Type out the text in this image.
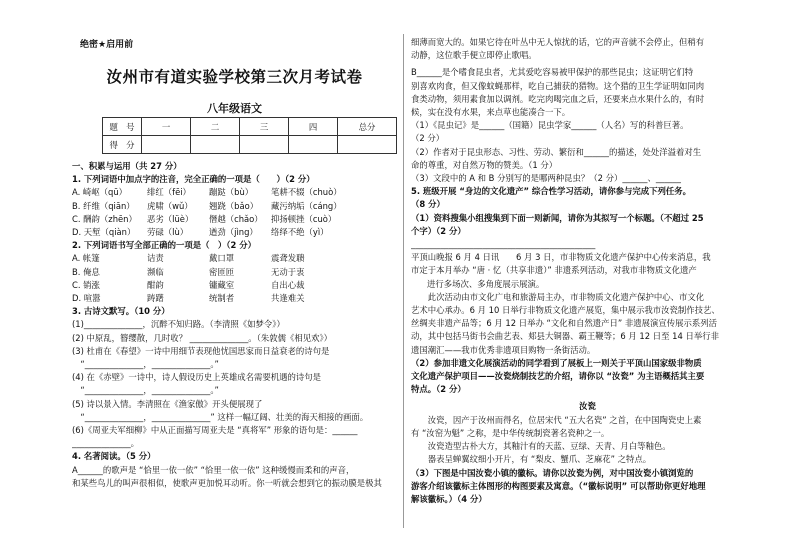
绝密★启用前
汝州市有道实验学校第三次月考试卷
八年级语文
题　号	一	二	三	四	总分
得　分					
一、积累与运用（共 27 分）
1. 下列词语中加点字的注音，完全正确的一项是（　　）（2 分）
A. 崎岖（qū） 绯红（fēi） 蹦跶（bù） 笔耕不辍（chuò）
B. 纤维（qiān） 虎啸（wǔ） 翘跷（bǎo） 藏污纳垢（cáng）
C. 酬韵（zhēn） 恶劣（lüè） 僭越（chǎo） 抑扬顿挫（cuò）
D. 天堑（qiàn） 劳碌（lù） 遒劲（jìng） 络绎不绝（yì）
2. 下列词语书写全部正确的一项是（　）（2 分）
A. 帐篷	诘责	戴口罩	震聋发聩
B. 俺息	濒临	密匝匝	无动于衷
C. 销涨	酣韵	镛藏室	自出心裁
D. 喧嚣	踌躇	统制者	共逢难关
3. 古诗文默写。（10 分）
(1)______________，沉醉不知归路。（李清照《如梦令》）
(2) 中原乱，簪缨散，几时收？ ______________。（朱敦儒《相见欢》）
(3) 杜甫在《春望》一诗中用细节表现他忧国思家而日益衰老的诗句是
　“______________，______________。”
(4) 在《赤壁》一诗中，诗人假设历史上英雄成名需要机遇的诗句是
　“______________，______________。”
(5) 诗以景入情。李清照在《渔家傲》开头便展现了
　“______________，______________” 这样一幅辽阔、壮美的海天相接的画面。
(6)《周亚夫军细柳》中从正面描写周亚夫是 “真将军” 形象的语句是：______
______________。
4. 名著阅读。（5 分）
A______的歌声是 “恰里一依一依” “恰里一依一依” 这种缓慢而柔和的声音，
和某些鸟儿的叫声很相似，使歌声更加悦耳动听。你一听就会想到它的振动膜是极其
细薄而宽大的。如果它待在叶丛中无人惊扰的话，它的声音就不会停止，但稍有
动静，这位歌手便立即停止歌唱。
B______是个嗜食昆虫者，尤其爱吃容易被甲保护的那些昆虫；这证明它们特
别喜欢肉食，但又像蚊蝇那样，吃自己捕获的猎物。这个猎的卫生学证明如同肉
食类动物，须用素食加以调剂。吃完肉喝完血之后，还要来点水果什么的，有时
候，实在没有水果，来点草也能凑合一下。
（1）《昆虫记》是______（国籍）昆虫学家______（人名）写的科普巨著。
（2 分）
（2）作者对于昆虫形态、习性、劳动、繁衍和______的描述，处处洋溢着对生
命的尊重，对自然万物的赞美。（1 分）
（3）文段中的 A 和 B 分别写的是哪两种昆虫？（2 分）______、______
5. 班级开展 “身边的文化遗产” 综合性学习活动，请你参与完成下列任务。
（8 分）
（1）资料搜集小组搜集到下面一则新闻，请你为其拟写一个标题。（不超过 25
个字）（2 分）
____________________________________________
平顶山晚报 6 月 4 日讯　　6 月 3 日，市非物质文化遗产保护中心传来消息，我
市定于本月举办 “唐 · 忆（共享非遗）” 非遗系列活动，对我市非物质文化遗产
进行多场次、多角度展示展演。
　　此次活动由市文化广电和旅游局主办，市非物质文化遗产保护中心、市文化
艺术中心承办。6 月 10 日举行非物质文化遗产展览，集中展示我市汝瓷制作技艺、
丝绸夹非遗产品等；6 月 12 日举办 “文化和自然遗产日” 非遗展演宣传展示系列活
动，其中包括马街书会曲艺表、郏县大铜器、霸王鞭等；6 月 12 日至 14 日举行非
遗国潮汇——我市优秀非遗项目购物一条街活动。
（2）参加非遗文化展演活动的同学看到了展板上一则关于平顶山国家级非物质
文化遗产保护项目——汝瓷烧制技艺的介绍，请你以 “汝瓷” 为主语概括其主要
特点。（2 分）
汝瓷
　　汝瓷，因产于汝州而得名，位居宋代 “五大名瓷” 之首，在中国陶瓷史上素
有 “汝窑为魁” 之称，是中华传统制瓷著名瓷种之一。
　　汝瓷造型古朴大方，其釉汁有的天蓝、豆绿、天青、月白等釉色。
　　器表呈蝉翼纹细小开片，有 “梨皮、蟹爪、芝麻花” 之特点。
（3）下图是中国汝瓷小镇的徽标。请你以汝瓷为例，对中国汝瓷小镇浏览的
游客介绍该徽标主体图形的构图要素及寓意。（“徽标说明” 可以帮助你更好地理
解该徽标。）（4 分）
